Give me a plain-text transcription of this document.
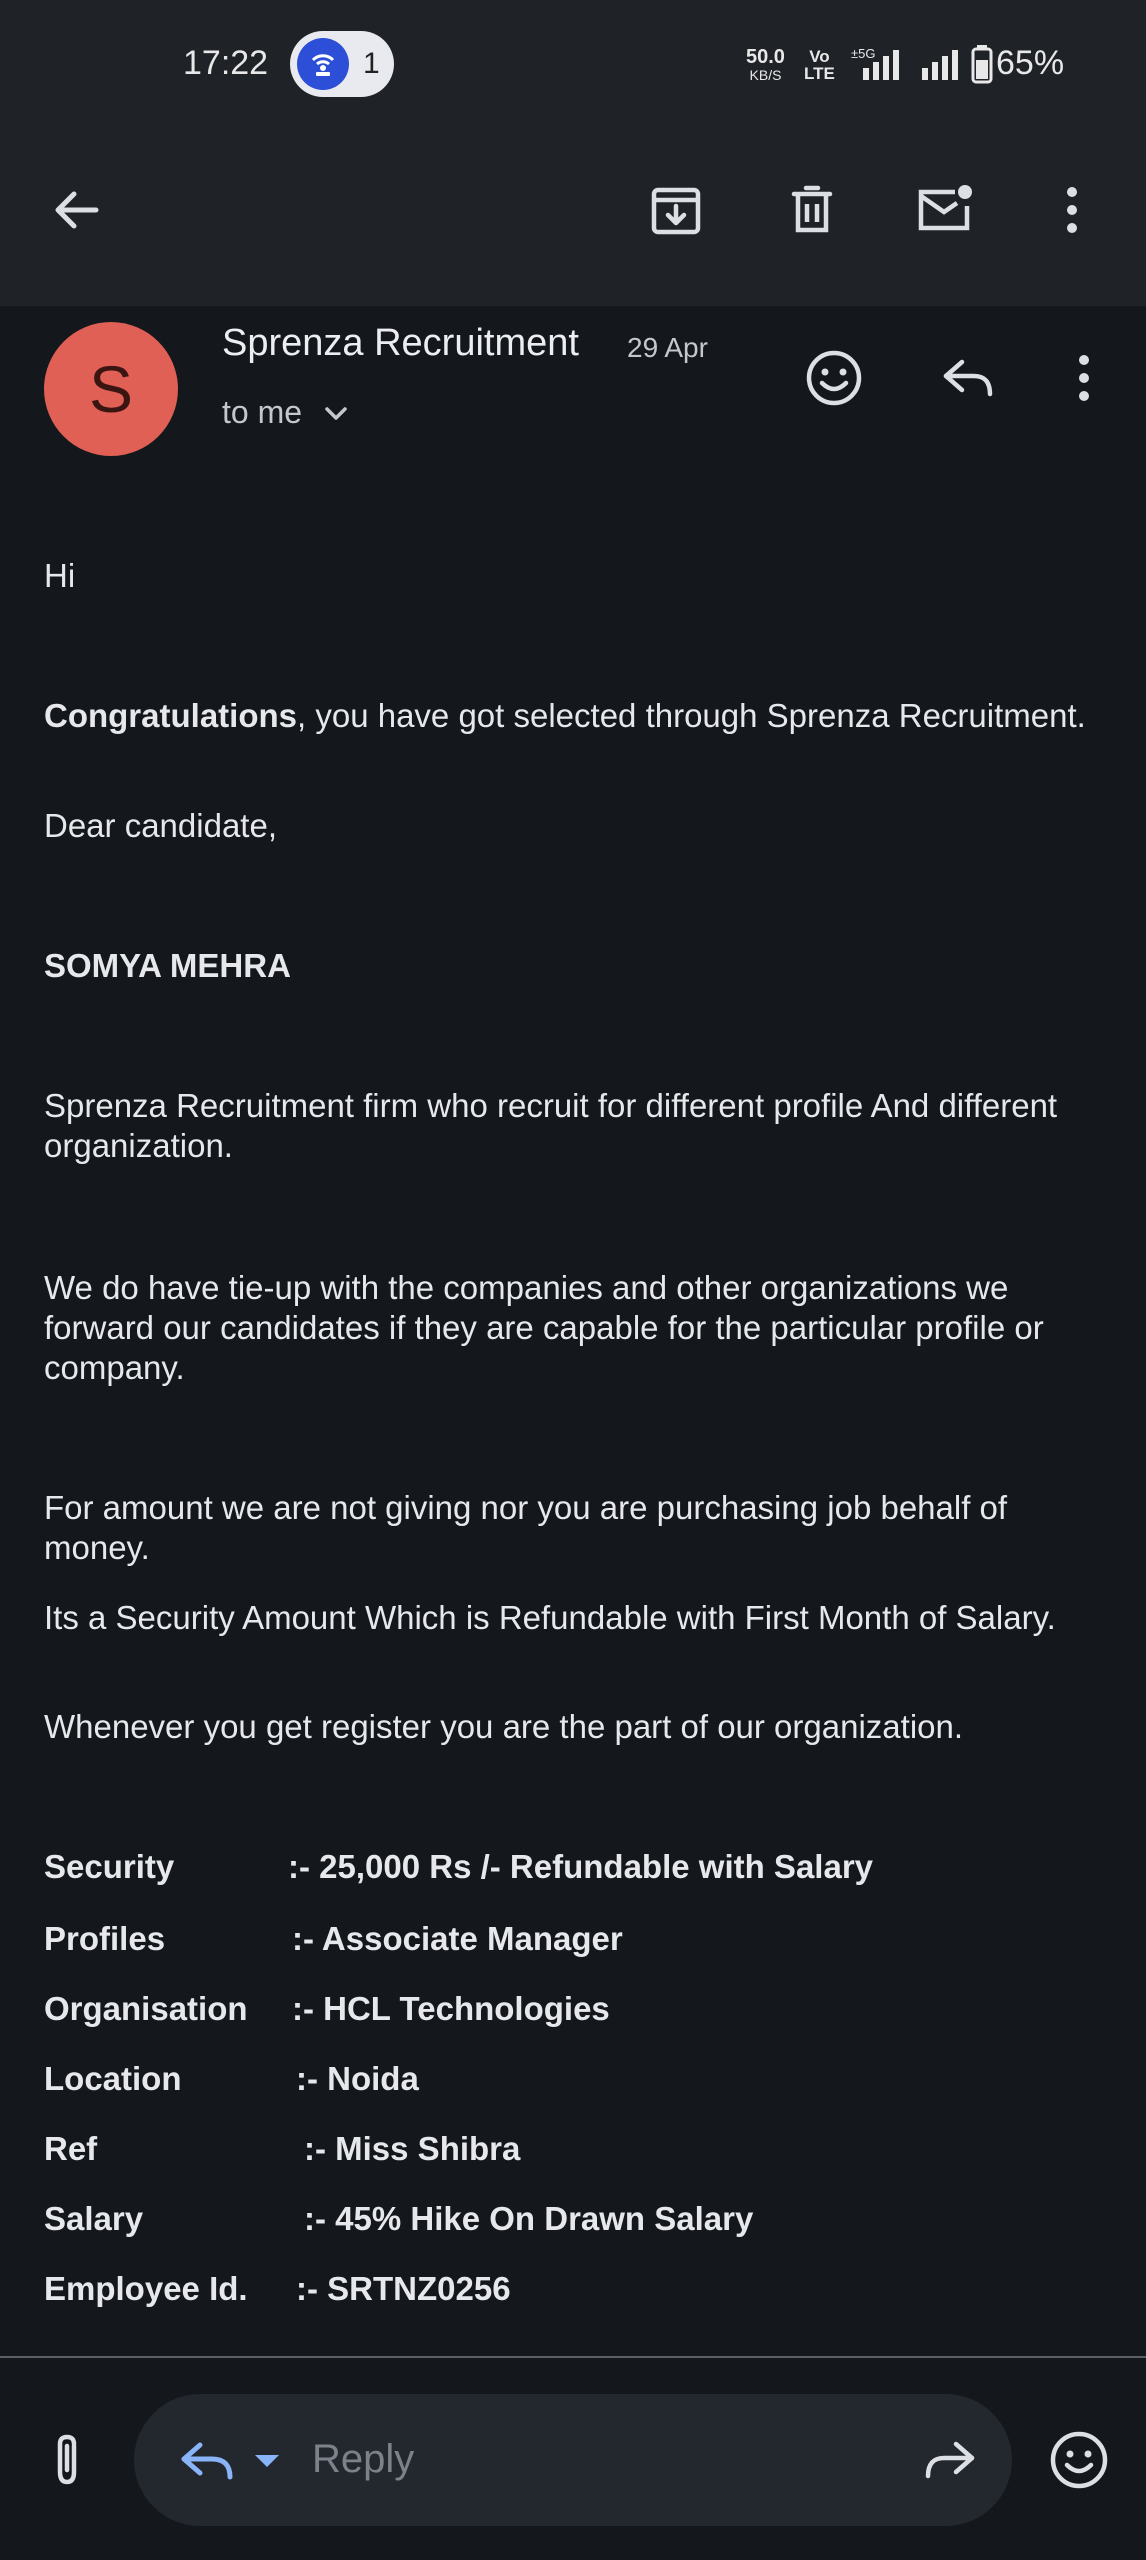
17:22	1	50.0
KB/S
Vo
LTE
±5G	65%
S
Sprenza Recruitment 29 Apr
to me
Hi
Congratulations, you have got selected through Sprenza Recruitment.
Dear candidate,
SOMYA MEHRA
Sprenza Recruitment firm who recruit for different profile And different organization.
We do have tie-up with the companies and other organizations we forward our candidates if they are capable for the particular profile or company.
For amount we are not giving nor you are purchasing job behalf of money.
Its a Security Amount Which is Refundable with First Month of Salary.
Whenever you get register you are the part of our organization.
Security	:- 25,000 Rs /- Refundable with Salary
Profiles	:- Associate Manager
Organisation :- HCL Technologies
Location	:- Noida
Ref	:- Miss Shibra
Salary	:- 45% Hike On Drawn Salary
Employee Id. :- SRTNZ0256
Reply
